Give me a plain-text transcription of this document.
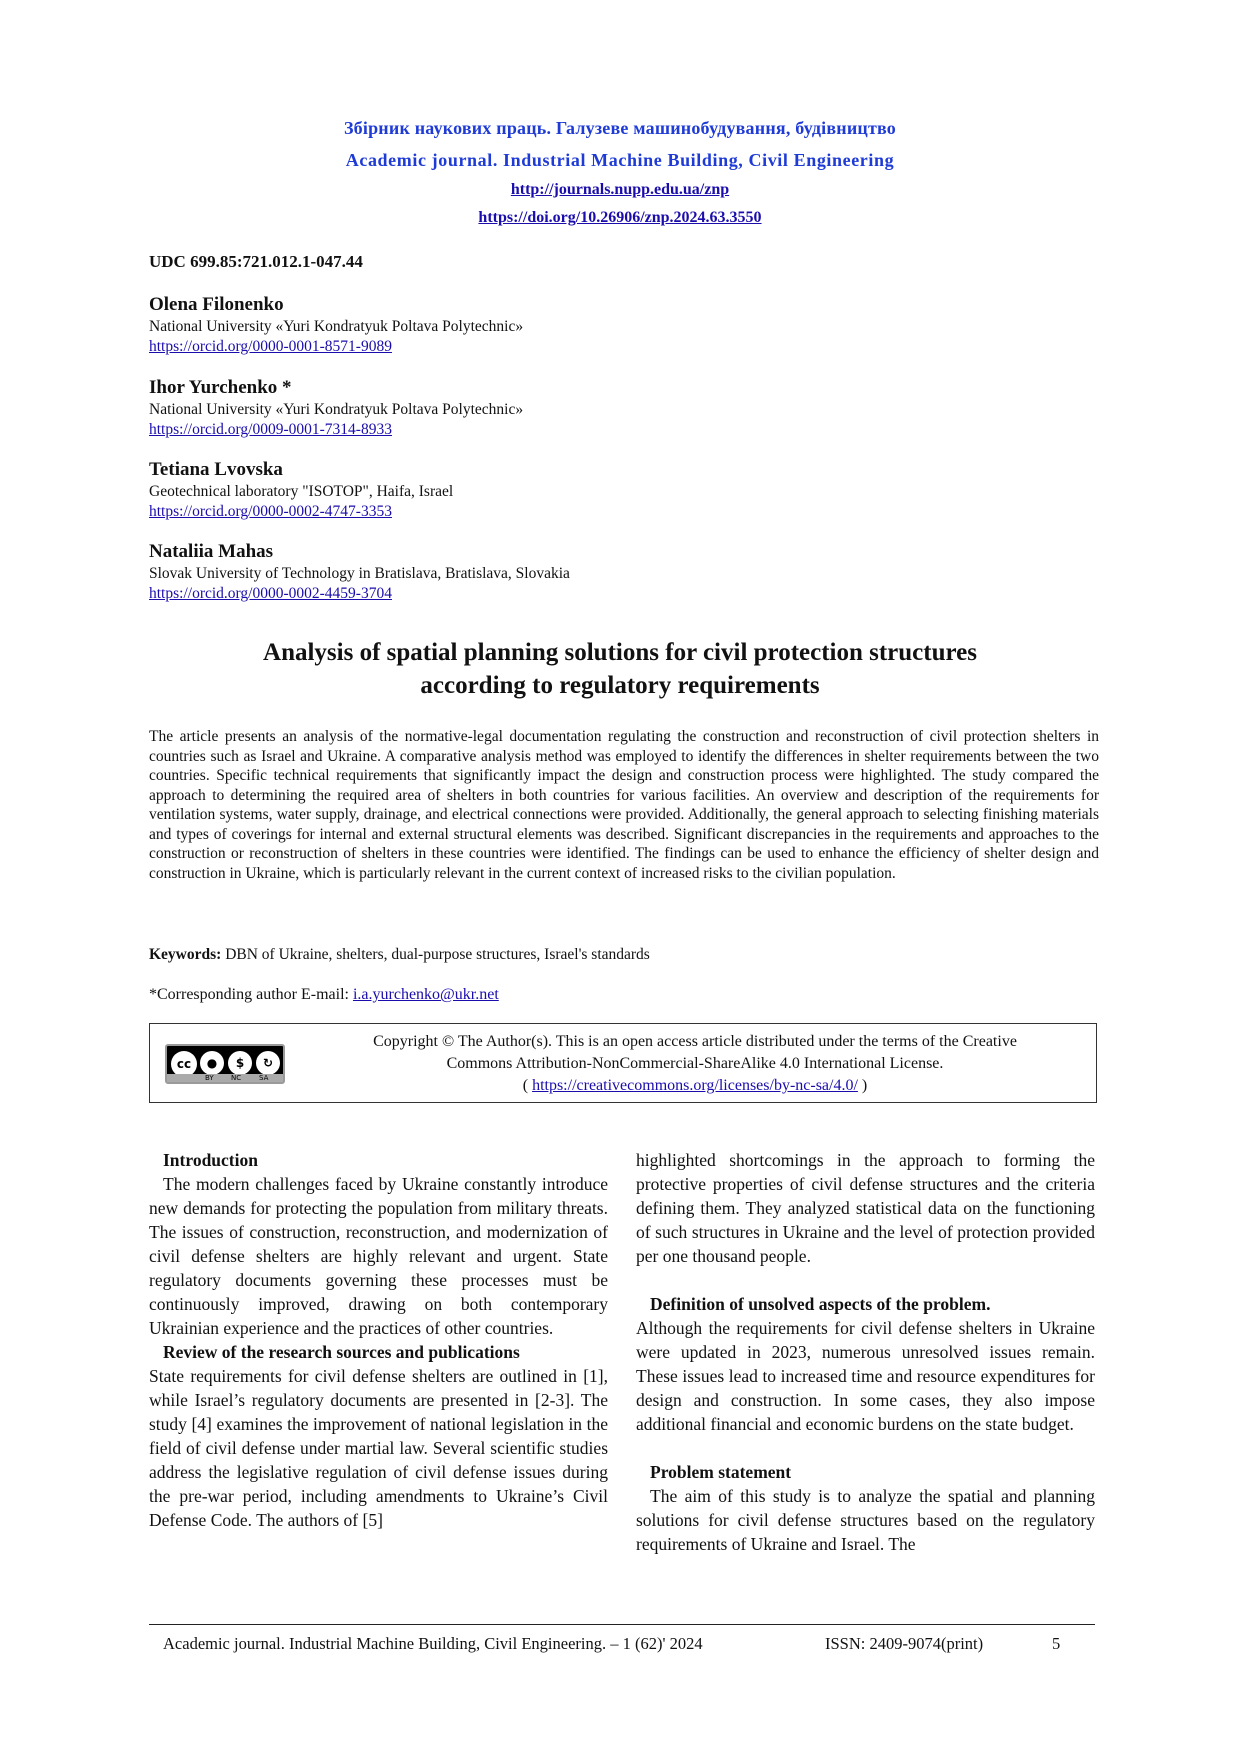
Збірник наукових праць. Галузеве машинобудування, будівництво
Academic journal. Industrial Machine Building, Civil Engineering
http://journals.nupp.edu.ua/znp
https://doi.org/10.26906/znp.2024.63.3550
UDC 699.85:721.012.1-047.44
Olena Filonenko
National University «Yuri Kondratyuk Poltava Polytechnic»
https://orcid.org/0000-0001-8571-9089
Ihor Yurchenko *
National University «Yuri Kondratyuk Poltava Polytechnic»
https://orcid.org/0009-0001-7314-8933
Tetiana Lvovska
Geotechnical laboratory "ISOTOP", Haifa, Israel
https://orcid.org/0000-0002-4747-3353
Nataliia Mahas
Slovak University of Technology in Bratislava, Bratislava, Slovakia
https://orcid.org/0000-0002-4459-3704
Analysis of spatial planning solutions for civil protection structures
according to regulatory requirements
The article presents an analysis of the normative-legal documentation regulating the construction and reconstruction of civil protection shelters in countries such as Israel and Ukraine. A comparative analysis method was employed to identify the differences in shelter requirements between the two countries. Specific technical requirements that significantly impact the design and construction process were highlighted. The study compared the approach to determining the required area of shelters in both countries for various facilities. An overview and description of the requirements for ventilation systems, water supply, drainage, and electrical connections were provided. Additionally, the general approach to selecting finishing materials and types of coverings for internal and external structural elements was described. Significant discrepancies in the requirements and approaches to the construction or reconstruction of shelters in these countries were identified. The findings can be used to enhance the efficiency of shelter design and construction in Ukraine, which is particularly relevant in the current context of increased risks to the civilian population.
Keywords: DBN of Ukraine, shelters, dual-purpose structures, Israel's standards
*Corresponding author E-mail: i.a.yurchenko@ukr.net
cc	●	$	↻
BY NC	SA
Copyright © The Author(s). This is an open access article distributed under the terms of the Creative
Commons Attribution-NonCommercial-ShareAlike 4.0 International License.
( https://creativecommons.org/licenses/by-nc-sa/4.0/ )

Introduction

The modern challenges faced by Ukraine constantly introduce new demands for protecting the population from military threats. The issues of construction, reconstruction, and modernization of civil defense shelters are highly relevant and urgent. State regulatory documents governing these processes must be continuously improved, drawing on both contemporary Ukrainian experience and the practices of other countries.

Review of the research sources and publications

State requirements for civil defense shelters are outlined in [1], while Israel’s regulatory documents are presented in [2-3]. The study [4] examines the improvement of national legislation in the field of civil defense under martial law. Several scientific studies address the legislative regulation of civil defense issues during the pre-war period, including amendments to Ukraine’s Civil Defense Code. The authors of [5]

highlighted shortcomings in the approach to forming the protective properties of civil defense structures and the criteria defining them. They analyzed statistical data on the functioning of such structures in Ukraine and the level of protection provided per one thousand people.

Definition of unsolved aspects of the problem.

Although the requirements for civil defense shelters in Ukraine were updated in 2023, numerous unresolved issues remain. These issues lead to increased time and resource expenditures for design and construction. In some cases, they also impose additional financial and economic burdens on the state budget.

Problem statement

The aim of this study is to analyze the spatial and planning solutions for civil defense structures based on the regulatory requirements of Ukraine and Israel. The

Academic journal. Industrial Machine Building, Civil Engineering. – 1 (62)' 2024	ISSN: 2409-9074(print)	5
